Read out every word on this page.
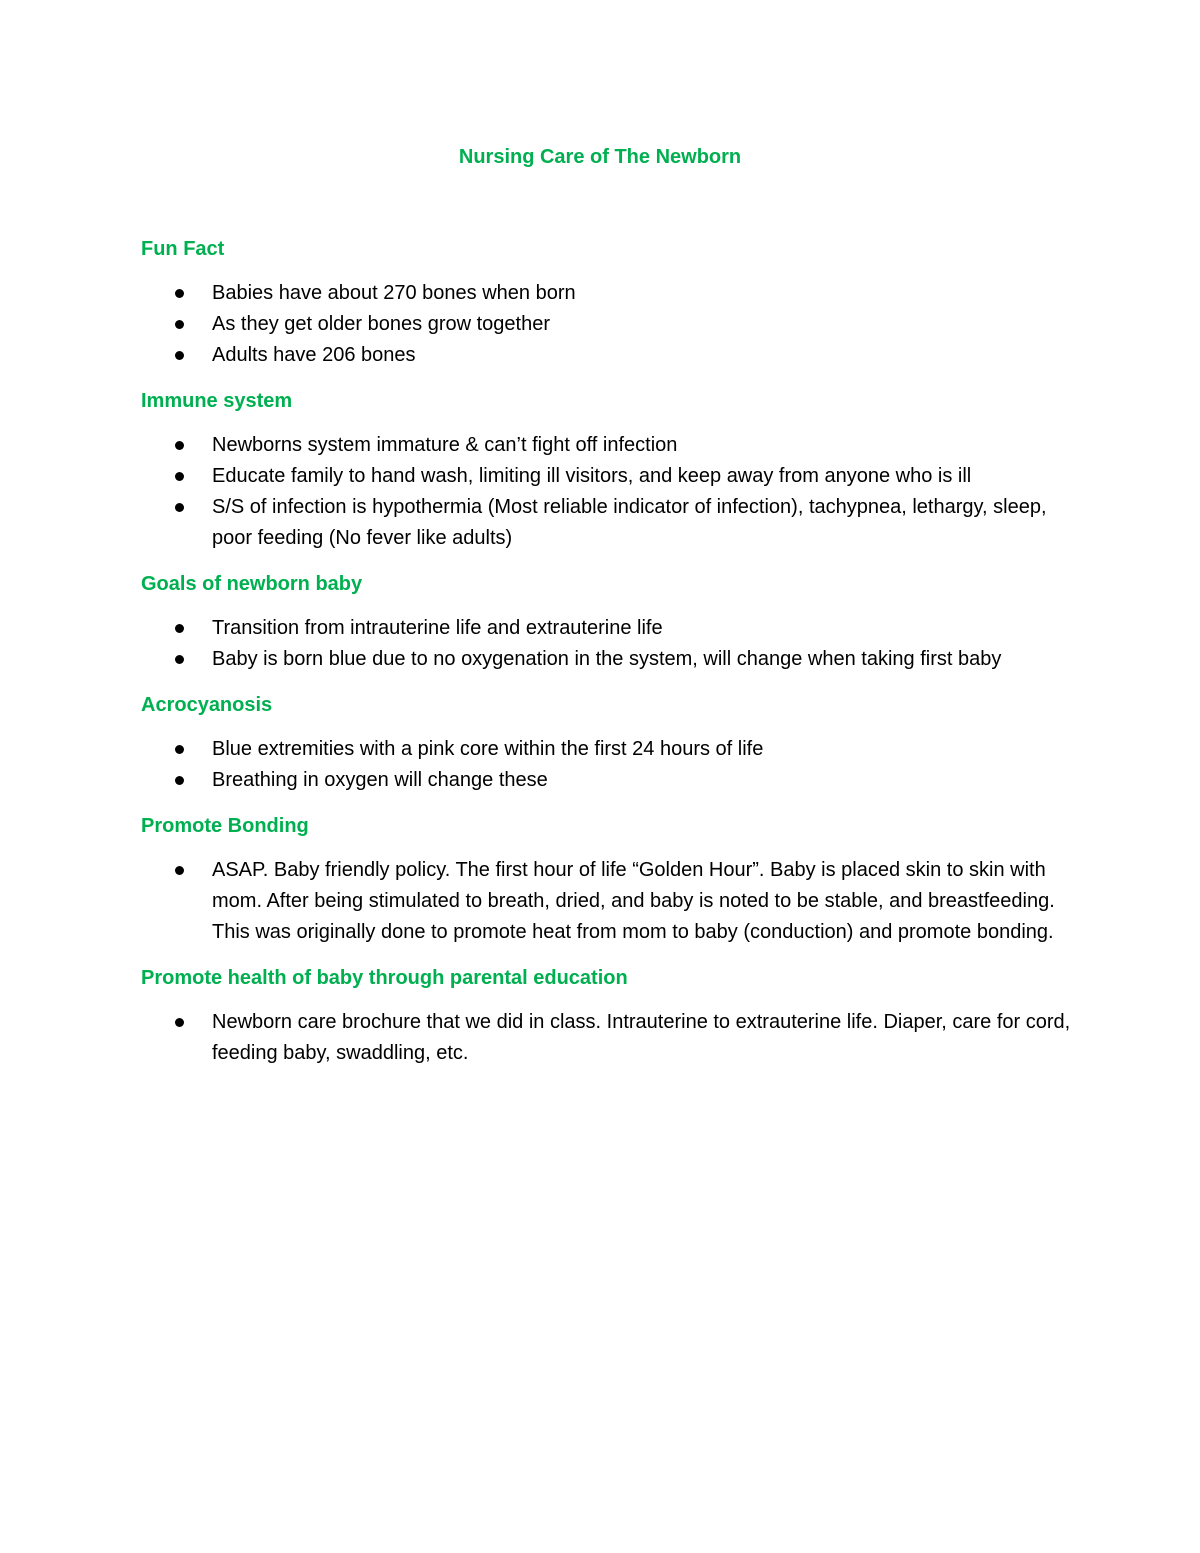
Nursing Care of The Newborn
Fun Fact
Babies have about 270 bones when born
As they get older bones grow together
Adults have 206 bones
Immune system
Newborns system immature & can’t fight off infection
Educate family to hand wash, limiting ill visitors, and keep away from anyone who is ill
S/S of infection is hypothermia (Most reliable indicator of infection), tachypnea, lethargy, sleep, poor feeding (No fever like adults)
Goals of newborn baby
Transition from intrauterine life and extrauterine life
Baby is born blue due to no oxygenation in the system, will change when taking first baby
Acrocyanosis
Blue extremities with a pink core within the first 24 hours of life
Breathing in oxygen will change these
Promote Bonding
ASAP. Baby friendly policy. The first hour of life “Golden Hour”. Baby is placed skin to skin with mom. After being stimulated to breath, dried, and baby is noted to be stable, and breastfeeding. This was originally done to promote heat from mom to baby (conduction) and promote bonding.
Promote health of baby through parental education
Newborn care brochure that we did in class. Intrauterine to extrauterine life. Diaper, care for cord, feeding baby, swaddling, etc.
